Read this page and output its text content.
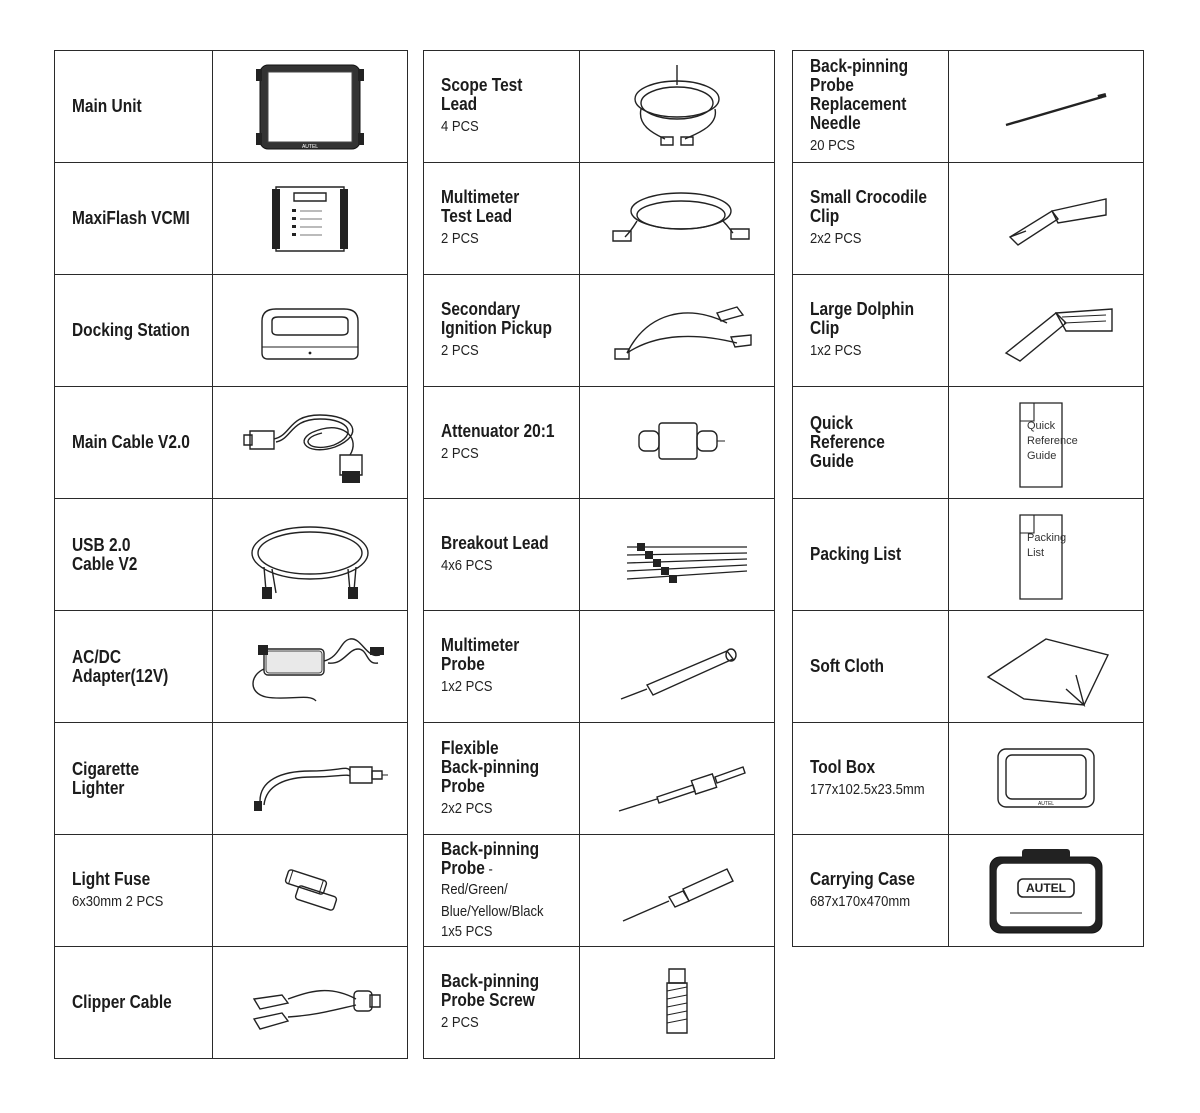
Main Unit	AUTEL

MaxiFlash VCMI

Docking Station

Main Cable V2.0

USB 2.0
Cable V2

AC/DC
Adapter(12V)

Cigarette Lighter

Light Fuse
6x30mm 2 PCS

Clipper Cable

Scope Test Lead
4 PCS

Multimeter
Test Lead
2 PCS

Secondary
Ignition Pickup
2 PCS

Attenuator 20:1
2 PCS

Breakout Lead
4x6 PCS

Multimeter
Probe
1x2 PCS

Flexible
Back-pinning
Probe
2x2 PCS

Back-pinning
Probe - Red/Green/
Blue/Yellow/Black
1x5 PCS

Back-pinning
Probe Screw
2 PCS

Back-pinning
Probe
Replacement
Needle
20 PCS

Small Crocodile
Clip
2x2 PCS

Large Dolphin
Clip
1x2 PCS

Quick Reference
Guide	Quick
Reference
Guide

Packing List	Packing
List

Soft Cloth

Tool Box
177x102.5x23.5mm	AUTEL

Carrying Case
687x170x470mm	AUTEL
